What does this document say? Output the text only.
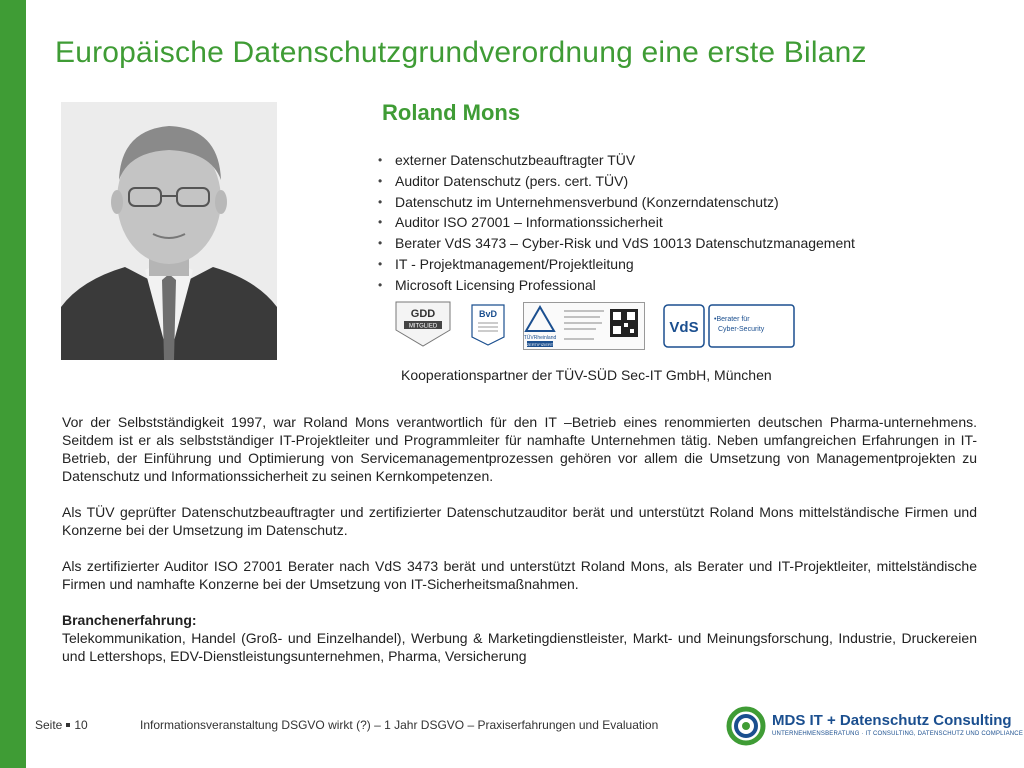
Europäische Datenschutzgrundverordnung eine erste Bilanz
Roland Mons
• externer Datenschutzbeauftragter TÜV
• Auditor Datenschutz (pers. cert. TÜV)
• Datenschutz im Unternehmensverbund (Konzerndatenschutz)
• Auditor ISO 27001 – Informationssicherheit
• Berater VdS 3473 – Cyber-Risk und VdS 10013 Datenschutzmanagement
• IT - Projektmanagement/Projektleitung
• Microsoft Licensing Professional
GDD
MITGLIED
BvD
TÜVRheinland
ZERTIFIZIERT
VdS •Berater für
Cyber-Security
Kooperationspartner der TÜV-SÜD Sec-IT GmbH, München

Vor der Selbstständigkeit 1997, war Roland Mons verantwortlich für den IT –Betrieb eines renommierten deutschen Pharma-unternehmens. Seitdem ist er als selbstständiger IT-Projektleiter und Programmleiter für namhafte Unternehmen tätig. Neben umfangreichen Erfahrungen in IT-Betrieb, der Einführung und Optimierung von Servicemanagementprozessen gehören vor allem die Umsetzung von Managementprojekten zu Datenschutz und Informationssicherheit zu seinen Kernkompetenzen.

Als TÜV geprüfter Datenschutzbeauftragter und zertifizierter Datenschutzauditor berät und unterstützt Roland Mons mittelständische Firmen und Konzerne bei der Umsetzung im Datenschutz.

Als zertifizierter Auditor ISO 27001 Berater nach VdS 3473 berät und unterstützt Roland Mons, als Berater und IT-Projektleiter, mittelständische Firmen und namhafte Konzerne bei der Umsetzung von IT-Sicherheitsmaßnahmen.

Branchenerfahrung:
Telekommunikation, Handel (Groß- und Einzelhandel), Werbung & Marketingdienstleister, Markt- und Meinungsforschung, Industrie, Druckereien und Lettershops, EDV-Dienstleistungsunternehmen, Pharma, Versicherung

Seite 10	Informationsveranstaltung DSGVO wirkt (?) – 1 Jahr DSGVO – Praxiserfahrungen und Evaluation	MDS IT + Datenschutz Consulting
UNTERNEHMENSBERATUNG · IT CONSULTING, DATENSCHUTZ UND COMPLIANCE
